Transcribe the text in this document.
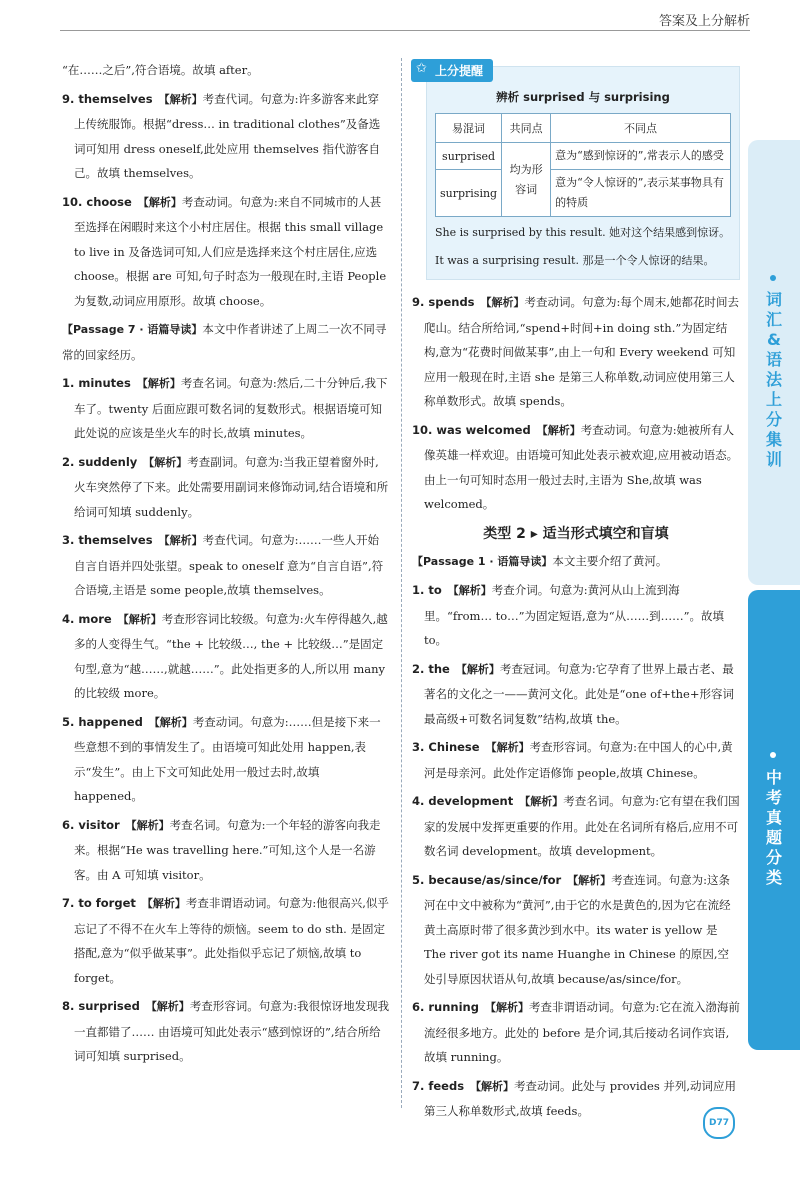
答案及上分解析

“在……之后”,符合语境。故填 after。

9. themselves 【解析】考查代词。句意为:许多游客来此穿上传统服饰。根据“dress… in traditional clothes”及备选词可知用 dress oneself,此处应用 themselves 指代游客自己。故填 themselves。

10. choose 【解析】考查动词。句意为:来自不同城市的人甚至选择在闲暇时来这个小村庄居住。根据 this small village to live in 及备选词可知,人们应是选择来这个村庄居住,应选 choose。根据 are 可知,句子时态为一般现在时,主语 People 为复数,动词应用原形。故填 choose。

【Passage 7 · 语篇导读】本文中作者讲述了上周二一次不同寻常的回家经历。

1. minutes 【解析】考查名词。句意为:然后,二十分钟后,我下车了。twenty 后面应跟可数名词的复数形式。根据语境可知此处说的应该是坐火车的时长,故填 minutes。

2. suddenly 【解析】考查副词。句意为:当我正望着窗外时,火车突然停了下来。此处需要用副词来修饰动词,结合语境和所给词可知填 suddenly。

3. themselves 【解析】考查代词。句意为:……一些人开始自言自语并四处张望。speak to oneself 意为“自言自语”,符合语境,主语是 some people,故填 themselves。

4. more 【解析】考查形容词比较级。句意为:火车停得越久,越多的人变得生气。“the + 比较级…, the + 比较级…”是固定句型,意为“越……,就越……”。此处指更多的人,所以用 many 的比较级 more。

5. happened 【解析】考查动词。句意为:……但是接下来一些意想不到的事情发生了。由语境可知此处用 happen,表示“发生”。由上下文可知此处用一般过去时,故填 happened。

6. visitor 【解析】考查名词。句意为:一个年轻的游客向我走来。根据“He was travelling here.”可知,这个人是一名游客。由 A 可知填 visitor。

7. to forget 【解析】考查非谓语动词。句意为:他很高兴,似乎忘记了不得不在火车上等待的烦恼。seem to do sth. 是固定搭配,意为“似乎做某事”。此处指似乎忘记了烦恼,故填 to forget。

8. surprised 【解析】考查形容词。句意为:我很惊讶地发现我一直都错了…… 由语境可知此处表示“感到惊讶的”,结合所给词可知填 surprised。

✩ 上分提醒
辨析 surprised 与 surprising
易混词	共同点	不同点
surprised	均为形容词	意为“感到惊讶的”,常表示人的感受
surprising		意为“令人惊讶的”,表示某事物具有的特质

She is surprised by this result. 她对这个结果感到惊讶。

It was a surprising result. 那是一个令人惊讶的结果。

9. spends 【解析】考查动词。句意为:每个周末,她都花时间去爬山。结合所给词,“spend+时间+in doing sth.”为固定结构,意为“花费时间做某事”,由上一句和 Every weekend 可知应用一般现在时,主语 she 是第三人称单数,动词应使用第三人称单数形式。故填 spends。

10. was welcomed 【解析】考查动词。句意为:她被所有人像英雄一样欢迎。由语境可知此处表示被欢迎,应用被动语态。由上一句可知时态用一般过去时,主语为 She,故填 was welcomed。

类型 2 ▸ 适当形式填空和盲填

【Passage 1 · 语篇导读】本文主要介绍了黄河。

1. to 【解析】考查介词。句意为:黄河从山上流到海里。“from… to…”为固定短语,意为“从……到……”。故填 to。

2. the 【解析】考查冠词。句意为:它孕育了世界上最古老、最著名的文化之一——黄河文化。此处是“one of+the+形容词最高级+可数名词复数”结构,故填 the。

3. Chinese 【解析】考查形容词。句意为:在中国人的心中,黄河是母亲河。此处作定语修饰 people,故填 Chinese。

4. development 【解析】考查名词。句意为:它有望在我们国家的发展中发挥更重要的作用。此处在名词所有格后,应用不可数名词 development。故填 development。

5. because/as/since/for 【解析】考查连词。句意为:这条河在中文中被称为“黄河”,由于它的水是黄色的,因为它在流经黄土高原时带了很多黄沙到水中。its water is yellow 是 The river got its name Huanghe in Chinese 的原因,空处引导原因状语从句,故填 because/as/since/for。

6. running 【解析】考查非谓语动词。句意为:它在流入渤海前流经很多地方。此处的 before 是介词,其后接动名词作宾语,故填 running。

7. feeds 【解析】考查动词。此处与 provides 并列,动词应用第三人称单数形式,故填 feeds。

词汇&语法上分集训
中考真题分类
D77
